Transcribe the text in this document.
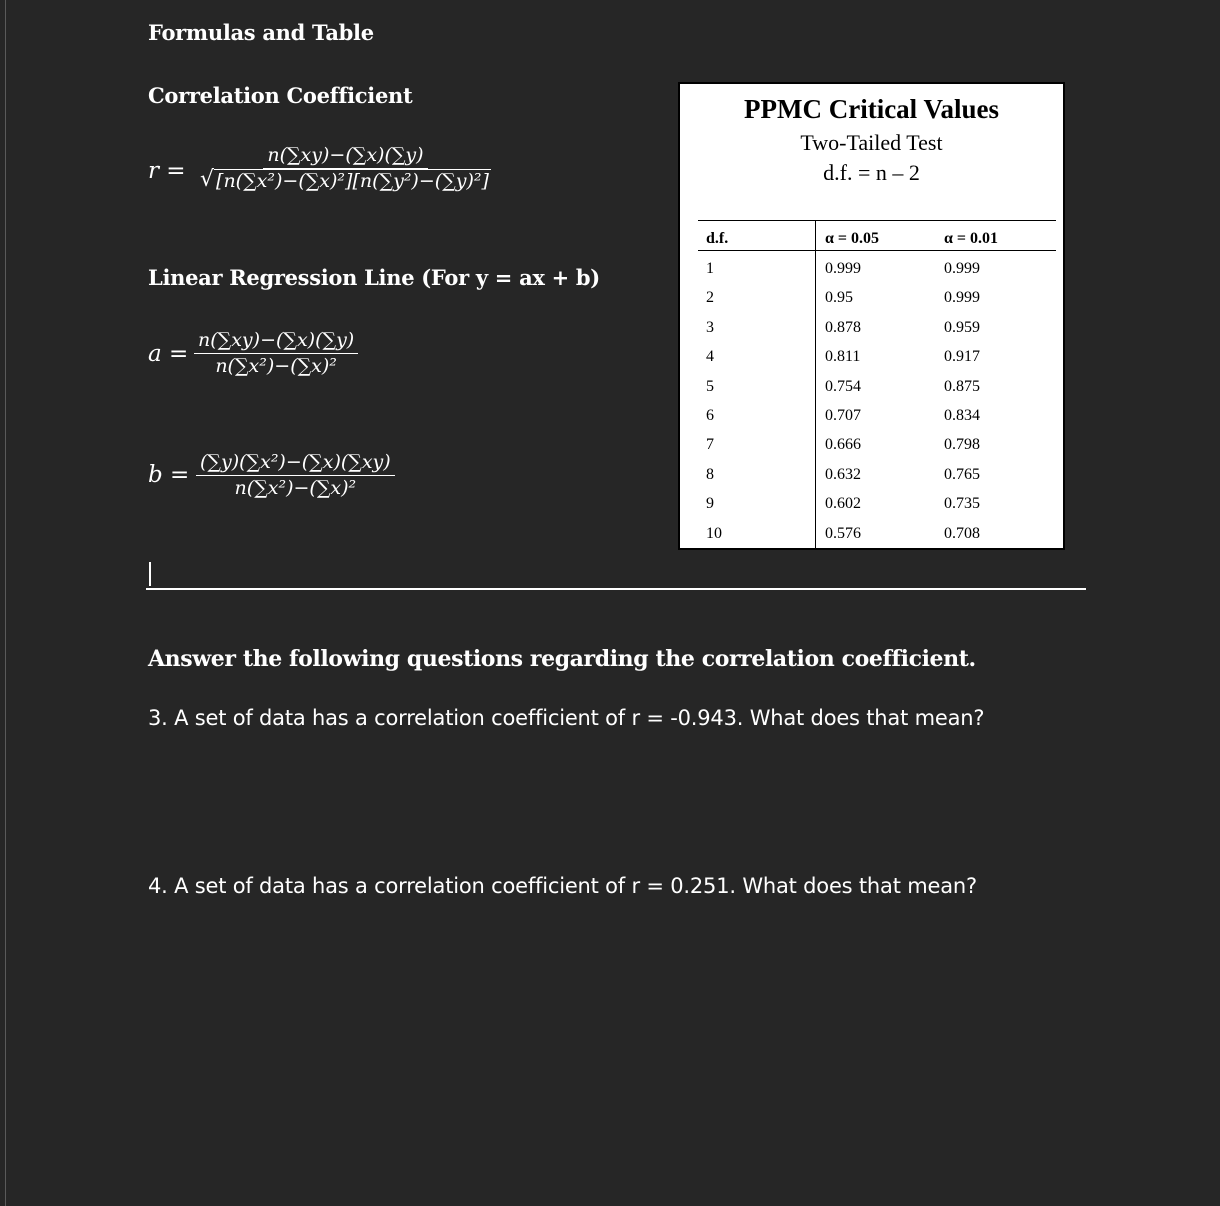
Formulas and Table
Correlation Coefficient
$r = \frac{n(\sum xy)-(\sum x)(\sum y)}{\text{√ [n(∑x²)−(∑x)²][n(∑y²)−(∑y)²]}}$
Linear Regression Line (For y = ax + b)
$a = \frac{n(\sum xy)-(\sum x)(\sum y)}{\text{n(∑x²)−(∑x)²}}$
$b = \frac{\text{(∑y)(∑x²)−(∑x)(∑xy)}}{\text{n(∑x²)−(∑x)²}}$
PPMC Critical Values
Two-Tailed Test
d.f. = n – 2
d.f.	α = 0.05	α = 0.01
1	0.999	0.999
2	0.95	0.999
3	0.878	0.959
4	0.811	0.917
5	0.754	0.875
6	0.707	0.834
7	0.666	0.798
8	0.632	0.765
9	0.602	0.735
10	0.576	0.708
Answer the following questions regarding the correlation coefficient.
3. A set of data has a correlation coefficient of r = -0.943. What does that mean?
4. A set of data has a correlation coefficient of r = 0.251. What does that mean?
